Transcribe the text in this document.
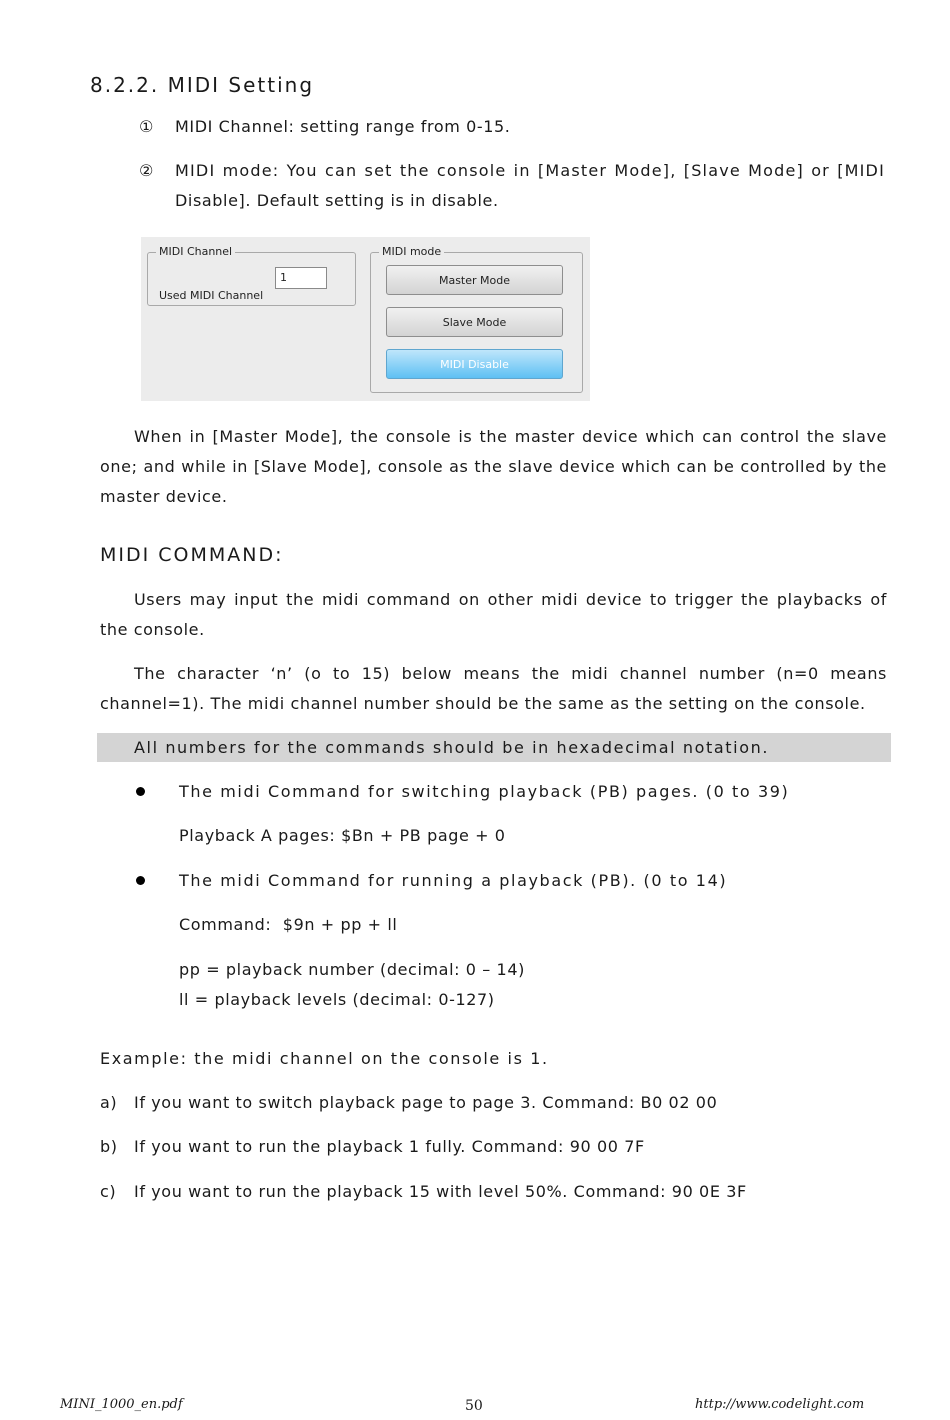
8.2.2. MIDI Setting
① MIDI Channel: setting range from 0-15.
② MIDI mode: You can set the console in [Master Mode], [Slave Mode] or [MIDI
Disable]. Default setting is in disable.
MIDI Channel
Used MIDI Channel
1
MIDI mode
Master Mode
Slave Mode
MIDI Disable
When in [Master Mode], the console is the master device which can control the slave one; and while in [Slave Mode], console as the slave device which can be controlled by the master device.
MIDI COMMAND:
Users may input the midi command on other midi device to trigger the playbacks of the console.
The character ‘n’ (o to 15) below means the midi channel number (n=0 means channel=1). The midi channel number should be the same as the setting on the console.
All numbers for the commands should be in hexadecimal notation.
The midi Command for switching playback (PB) pages. (0 to 39)
Playback A pages: $Bn + PB page + 0
The midi Command for running a playback (PB). (0 to 14)
Command:  $9n + pp + ll
pp = playback number (decimal: 0 – 14)
ll = playback levels (decimal: 0-127)
Example: the midi channel on the console is 1.
a) If you want to switch playback page to page 3. Command: B0 02 00
b) If you want to run the playback 1 fully. Command: 90 00 7F
c) If you want to run the playback 15 with level 50%. Command: 90 0E 3F
MINI_1000_en.pdf	50	http://www.codelight.com
